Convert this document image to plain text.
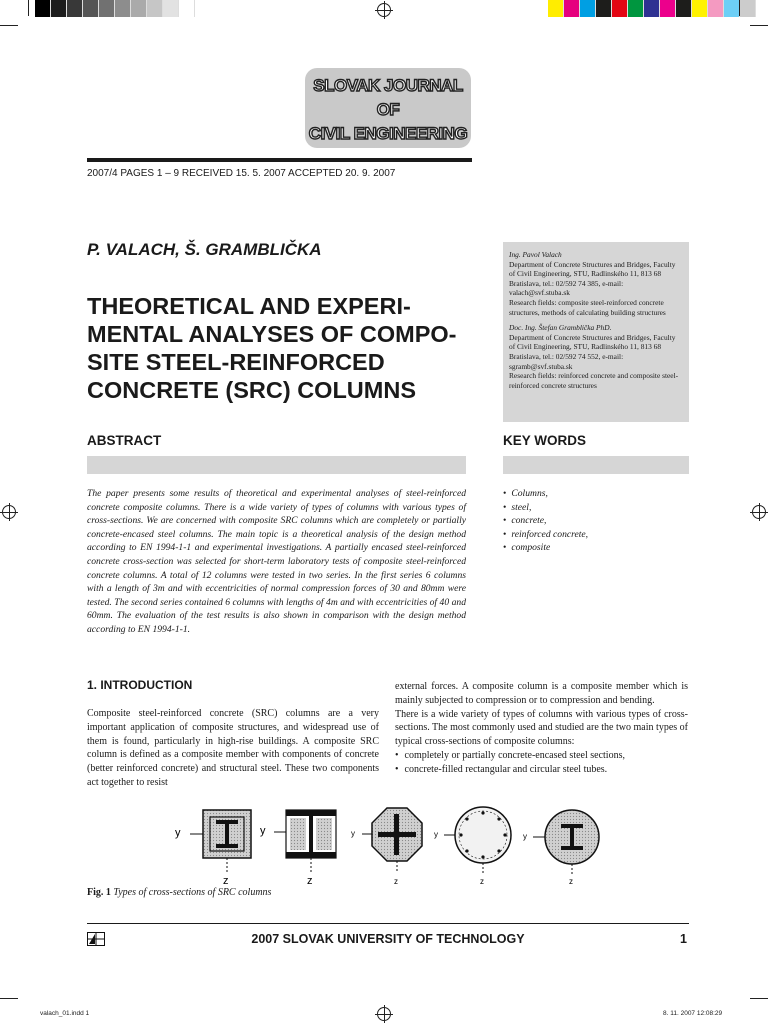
SLOVAK JOURNAL
OF
CIVIL ENGINEERING
2007/4 PAGES 1 – 9 RECEIVED 15. 5. 2007 ACCEPTED 20. 9. 2007
P. VALACH, Š. GRAMBLIČKA
THEORETICAL AND EXPERI-
MENTAL ANALYSES OF COMPO-
SITE STEEL-REINFORCED
CONCRETE (SRC) COLUMNS

Ing. Pavol Valach
Department of Concrete Structures and Bridges, Faculty of Civil Engineering, STU, Radlinského 11, 813 68 Bratislava, tel.: 02/592 74 385, e-mail: valach@svf.stuba.sk
Research fields: composite steel-reinforced concrete structures, methods of calculating building structures

Doc. Ing. Štefan Gramblička PhD.
Department of Concrete Structures and Bridges, Faculty of Civil Engineering, STU, Radlinského 11, 813 68 Bratislava, tel.: 02/592 74 552, e-mail: sgramb@svf.stuba.sk
Research fields: reinforced concrete and composite steel-reinforced concrete structures

ABSTRACT
The paper presents some results of theoretical and experimental analyses of steel-reinforced concrete composite columns. There is a wide variety of types of columns with various types of cross-sections. We are concerned with composite SRC columns which are completely or partially concrete-encased steel columns. The main topic is a theoretical analysis of the design method according to EN 1994-1-1 and experimental investigations. A partially encased steel-reinforced concrete cross-section was selected for short-term laboratory tests of composite steel-reinforced concrete columns. A total of 12 columns were tested in two series. In the first series 6 columns with a length of 3m and with eccentricities of normal compression forces of 30 and 80mm were tested. The second series contained 6 columns with lengths of 4m and with eccentricities of 40 and 60mm. The evaluation of the test results is also shown in comparison with the design method according to EN 1994-1-1.
KEY WORDS
• Columns,
• steel,
• concrete,
• reinforced concrete,
• composite
1. INTRODUCTION

Composite steel-reinforced concrete (SRC) columns are a very important application of composite structures, and widespread use of them is found, particularly in high-rise buildings. A composite SRC column is defined as a composite member with components of concrete (better reinforced concrete) and structural steel. These two components act together to resist

external forces. A composite column is a composite member which is mainly subjected to compression or to compression and bending.

There is a wide variety of types of columns with various types of cross-sections. The most commonly used and studied are the two main types of typical cross-sections of composite columns:

• completely or partially concrete-encased steel sections,
• concrete-filled rectangular and circular steel tubes.
y
z
y
z
y
z
y
z
y
z
Fig. 1 Types of cross-sections of SRC columns
2007 SLOVAK UNIVERSITY OF TECHNOLOGY	1
valach_01.indd 1	8. 11. 2007 12:08:29
